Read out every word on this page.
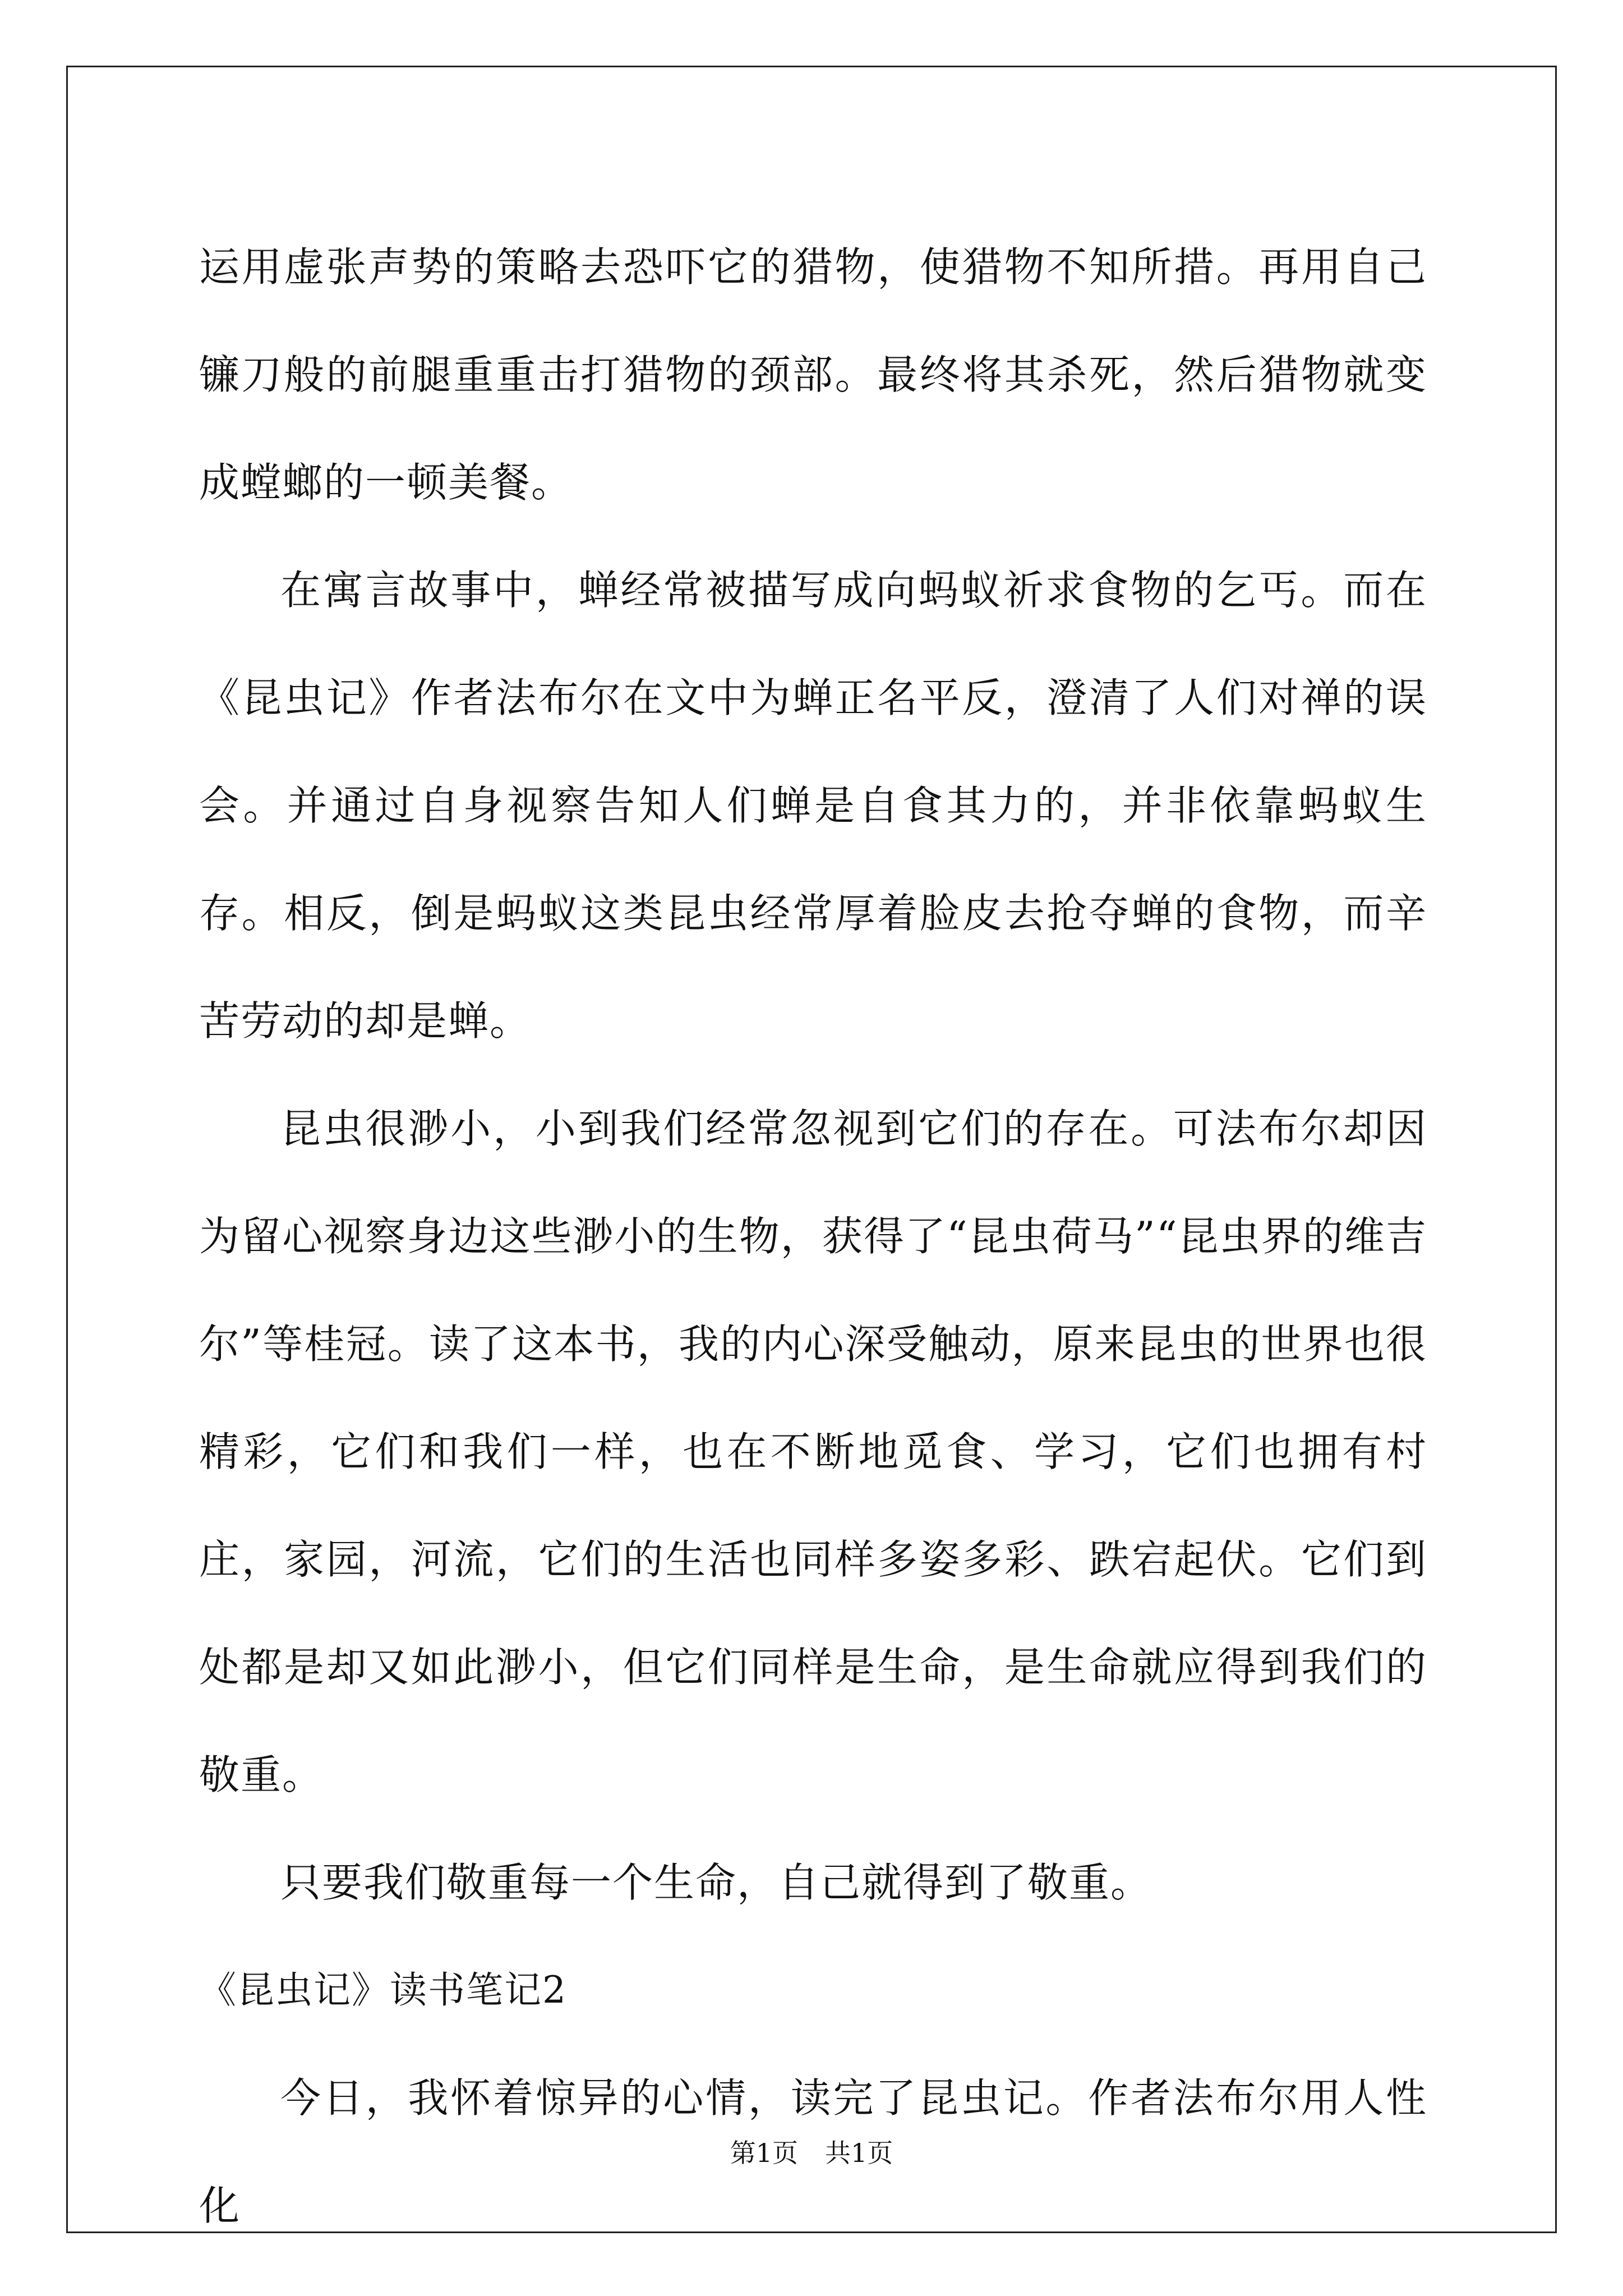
运用虚张声势的策略去恐吓它的猎物，使猎物不知所措。再用自己镰刀般的前腿重重击打猎物的颈部。最终将其杀死，然后猎物就变成螳螂的一顿美餐。

在寓言故事中，蝉经常被描写成向蚂蚁祈求食物的乞丐。而在《昆虫记》作者法布尔在文中为蝉正名平反，澄清了人们对禅的误会。并通过自身视察告知人们蝉是自食其力的，并非依靠蚂蚁生存。相反，倒是蚂蚁这类昆虫经常厚着脸皮去抢夺蝉的食物，而辛苦劳动的却是蝉。

昆虫很渺小，小到我们经常忽视到它们的存在。可法布尔却因为留心视察身边这些渺小的生物，获得了“昆虫荷马”“昆虫界的维吉尔”等桂冠。读了这本书，我的内心深受触动，原来昆虫的世界也很精彩，它们和我们一样，也在不断地觅食、学习，它们也拥有村庄，家园，河流，它们的生活也同样多姿多彩、跌宕起伏。它们到处都是却又如此渺小，但它们同样是生命，是生命就应得到我们的敬重。

只要我们敬重每一个生命，自己就得到了敬重。

《昆虫记》读书笔记2

今日，我怀着惊异的心情，读完了昆虫记。作者法布尔用人性化

第1页 共1页
